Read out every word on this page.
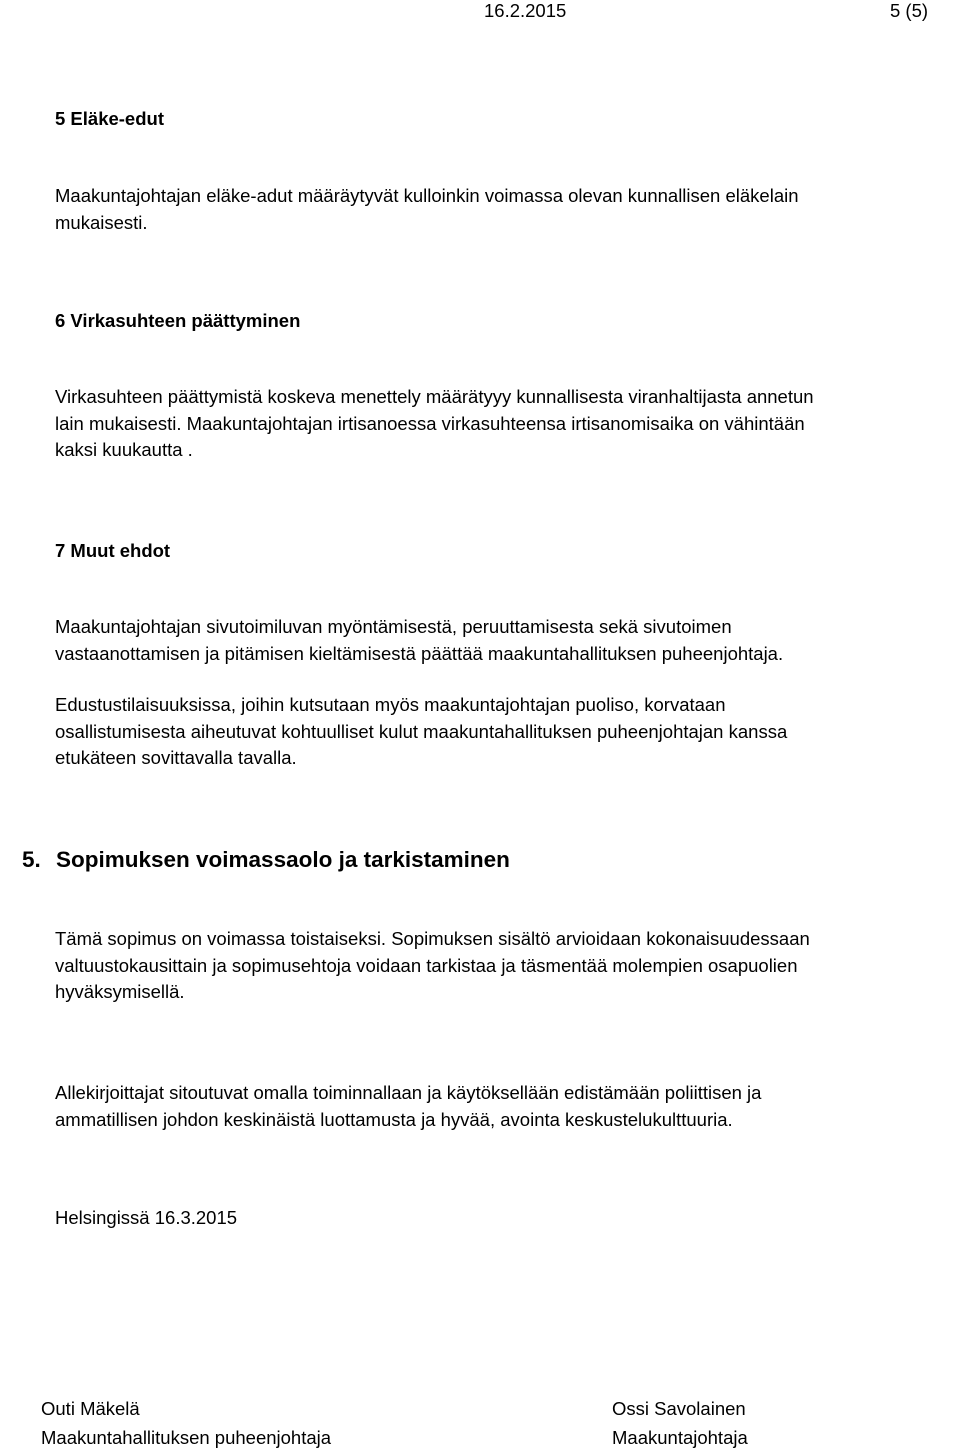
16.2.2015	5 (5)
5 Eläke-edut
Maakuntajohtajan eläke-adut määräytyvät kulloinkin voimassa olevan kunnallisen eläkelain
mukaisesti.
6 Virkasuhteen päättyminen
Virkasuhteen päättymistä koskeva menettely määrätyyy kunnallisesta viranhaltijasta annetun
lain mukaisesti. Maakuntajohtajan irtisanoessa virkasuhteensa irtisanomisaika on vähintään
kaksi kuukautta .
7 Muut ehdot
Maakuntajohtajan sivutoimiluvan myöntämisestä, peruuttamisesta sekä sivutoimen
vastaanottamisen ja pitämisen kieltämisestä päättää maakuntahallituksen puheenjohtaja.
Edustustilaisuuksissa, joihin kutsutaan myös maakuntajohtajan puoliso, korvataan
osallistumisesta aiheutuvat kohtuulliset kulut maakuntahallituksen puheenjohtajan kanssa
etukäteen sovittavalla tavalla.
5. Sopimuksen voimassaolo ja tarkistaminen
Tämä sopimus on voimassa toistaiseksi. Sopimuksen sisältö arvioidaan kokonaisuudessaan
valtuustokausittain ja sopimusehtoja voidaan tarkistaa ja täsmentää molempien osapuolien
hyväksymisellä.
Allekirjoittajat sitoutuvat omalla toiminnallaan ja käytöksellään edistämään poliittisen ja
ammatillisen johdon keskinäistä luottamusta ja hyvää, avointa keskustelukulttuuria.
Helsingissä 16.3.2015
Outi Mäkelä
Maakuntahallituksen puheenjohtaja
Ossi Savolainen
Maakuntajohtaja
